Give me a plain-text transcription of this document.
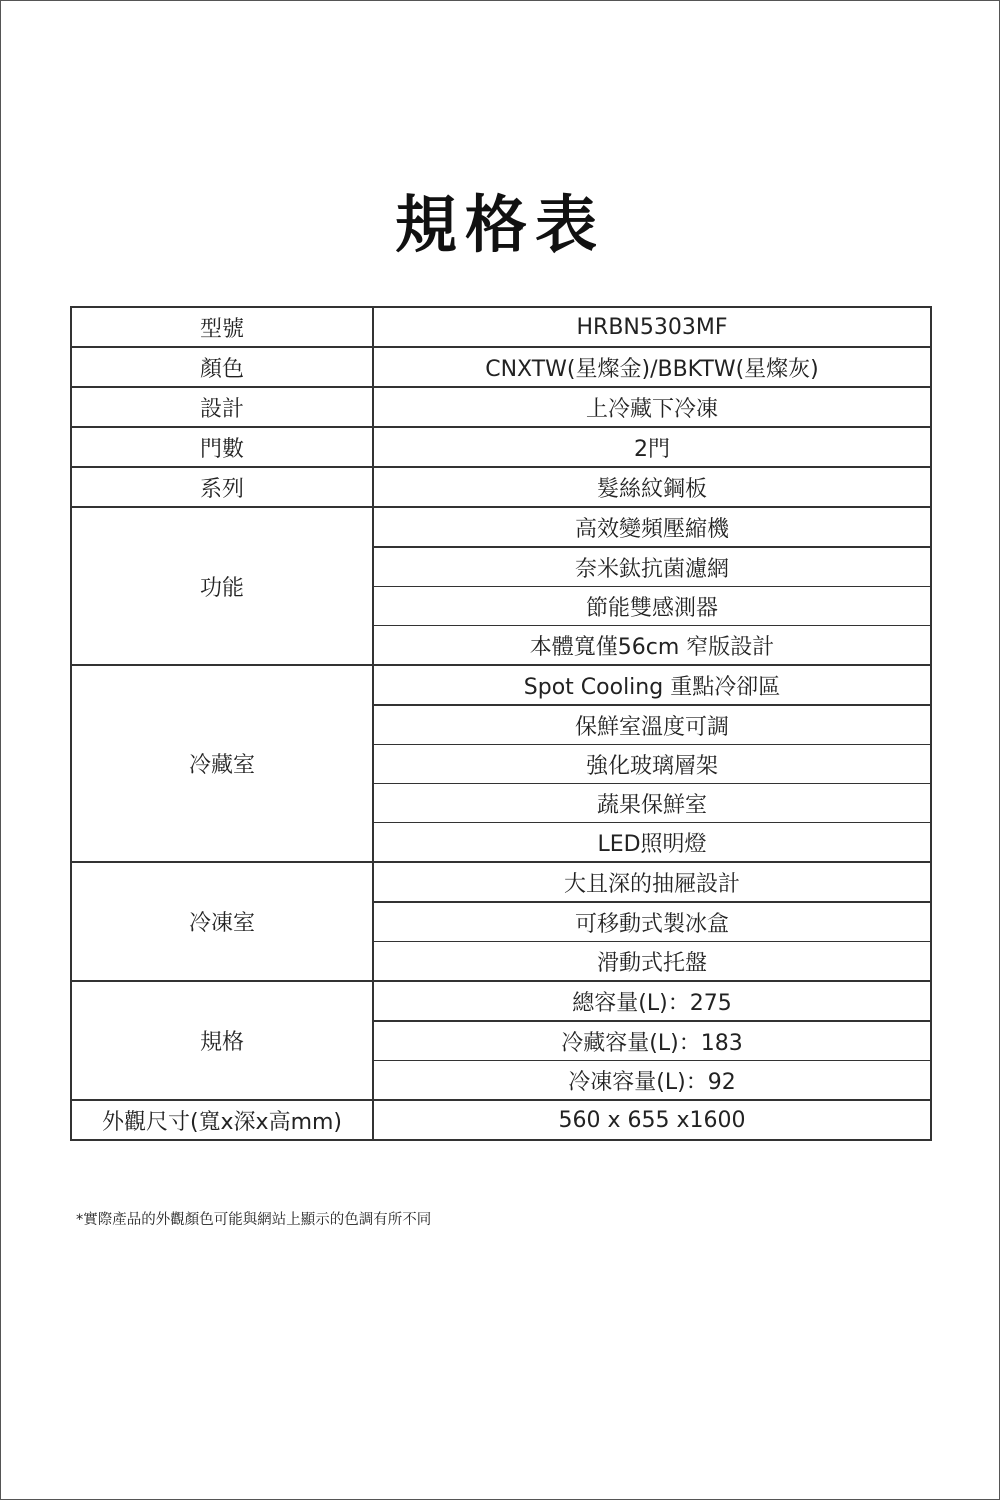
規格表
型號	HRBN5303MF
顏色	CNXTW(星燦金)/BBKTW(星燦灰)
設計	上冷藏下冷凍
門數	2門
系列	髮絲紋鋼板
功能	高效變頻壓縮機
	奈米鈦抗菌濾網
	節能雙感測器
	本體寬僅56cm 窄版設計
冷藏室	Spot Cooling 重點冷卻區
	保鮮室溫度可調
	強化玻璃層架
	蔬果保鮮室
	LED照明燈
冷凍室	大且深的抽屜設計
	可移動式製冰盒
	滑動式托盤
規格	總容量(L)：275
	冷藏容量(L)：183
	冷凍容量(L)：92
外觀尺寸(寬x深x高mm)	560 x 655 x1600
*實際產品的外觀顏色可能與網站上顯示的色調有所不同
